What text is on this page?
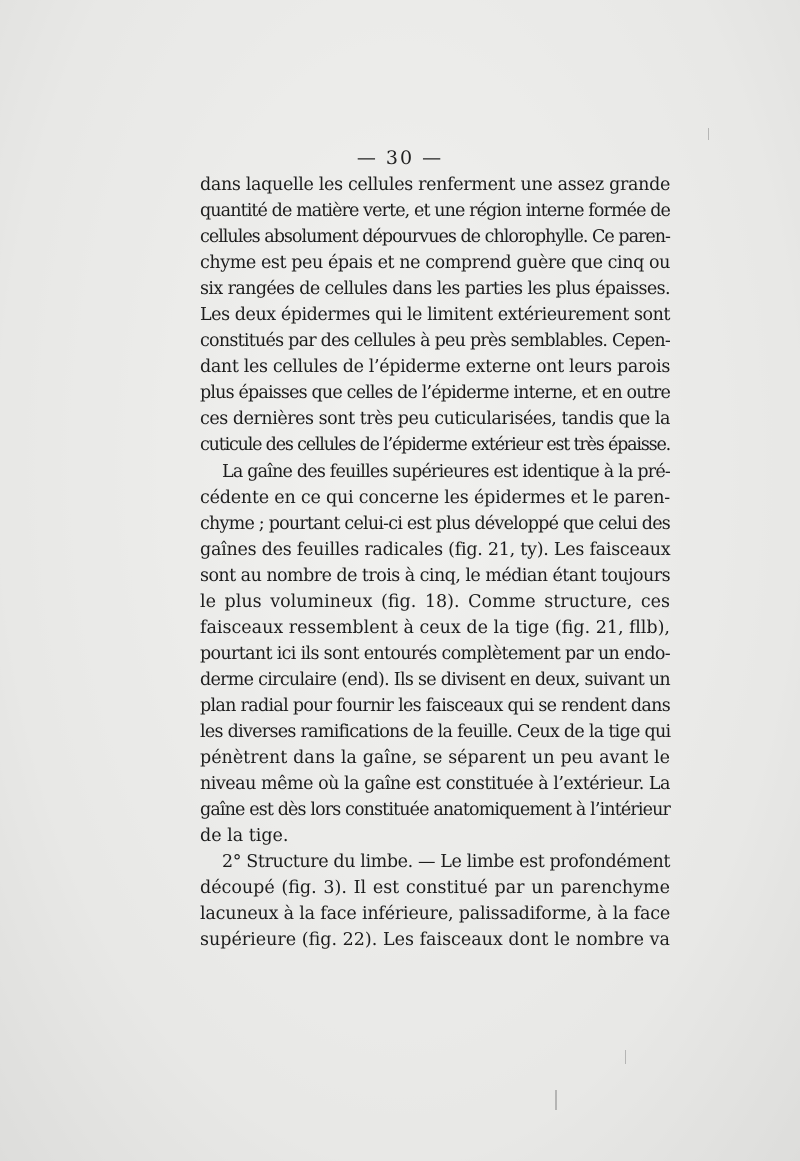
— 30 —
dans laquelle les cellules renferment une assez grande
quantité de matière verte, et une région interne formée de
cellules absolument dépourvues de chlorophylle. Ce paren-
chyme est peu épais et ne comprend guère que cinq ou
six rangées de cellules dans les parties les plus épaisses.
Les deux épidermes qui le limitent extérieurement sont
constitués par des cellules à peu près semblables. Cepen-
dant les cellules de l’épiderme externe ont leurs parois
plus épaisses que celles de l’épiderme interne, et en outre
ces dernières sont très peu cuticularisées, tandis que la
cuticule des cellules de l’épiderme extérieur est très épaisse.
La gaîne des feuilles supérieures est identique à la pré-
cédente en ce qui concerne les épidermes et le paren-
chyme ; pourtant celui-ci est plus développé que celui des
gaînes des feuilles radicales (fig. 21, ty). Les faisceaux
sont au nombre de trois à cinq, le médian étant toujours
le plus volumineux (fig. 18). Comme structure, ces
faisceaux ressemblent à ceux de la tige (fig. 21, fllb),
pourtant ici ils sont entourés complètement par un endo-
derme circulaire (end). Ils se divisent en deux, suivant un
plan radial pour fournir les faisceaux qui se rendent dans
les diverses ramifications de la feuille. Ceux de la tige qui
pénètrent dans la gaîne, se séparent un peu avant le
niveau même où la gaîne est constituée à l’extérieur. La
gaîne est dès lors constituée anatomiquement à l’intérieur
de la tige.
2° Structure du limbe. — Le limbe est profondément
découpé (fig. 3). Il est constitué par un parenchyme
lacuneux à la face inférieure, palissadiforme, à la face
supérieure (fig. 22). Les faisceaux dont le nombre va
